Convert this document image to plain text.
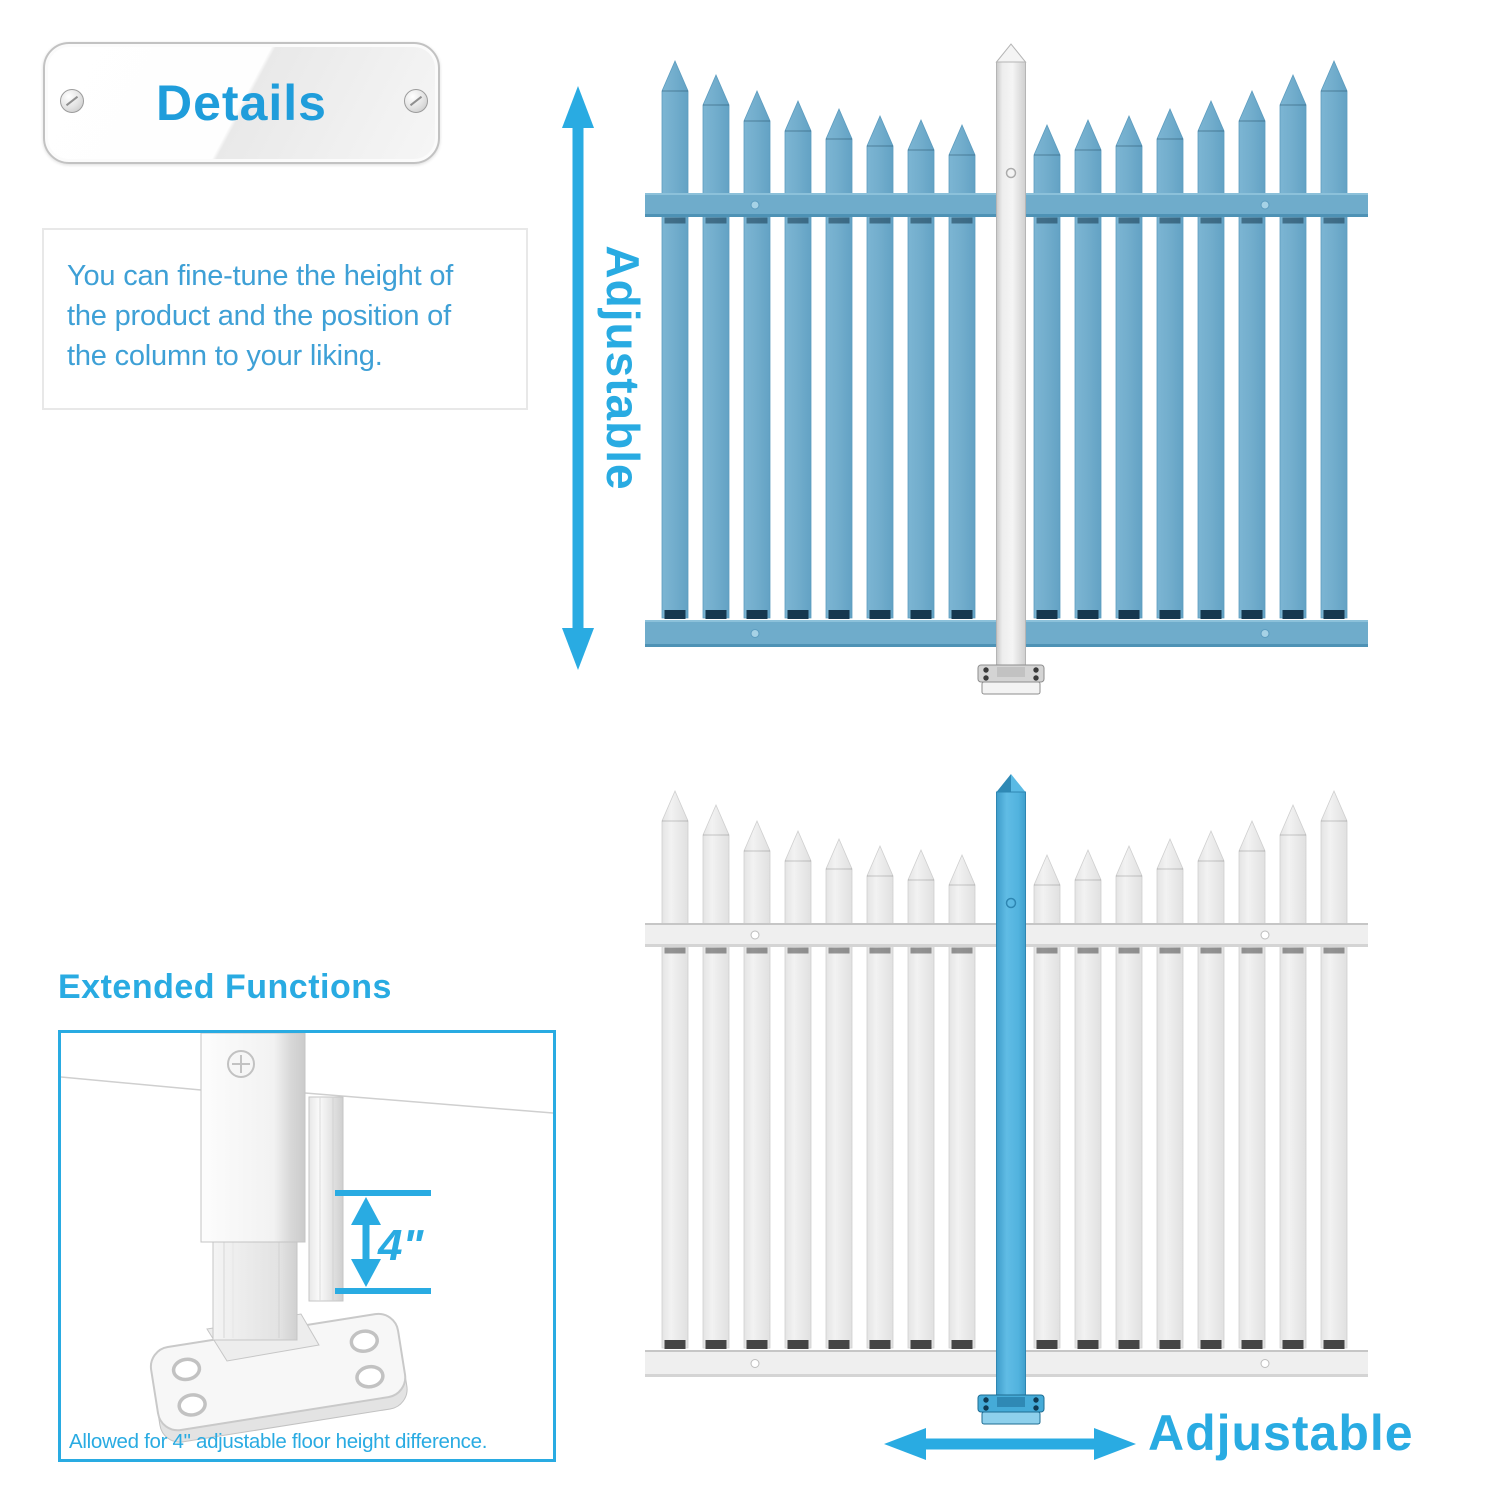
Details
You can fine-tune the height of
the product and the position of
the column to your liking.	Adjustable
Adjustable
Extended Functions
4"
Allowed for 4" adjustable floor height difference.
